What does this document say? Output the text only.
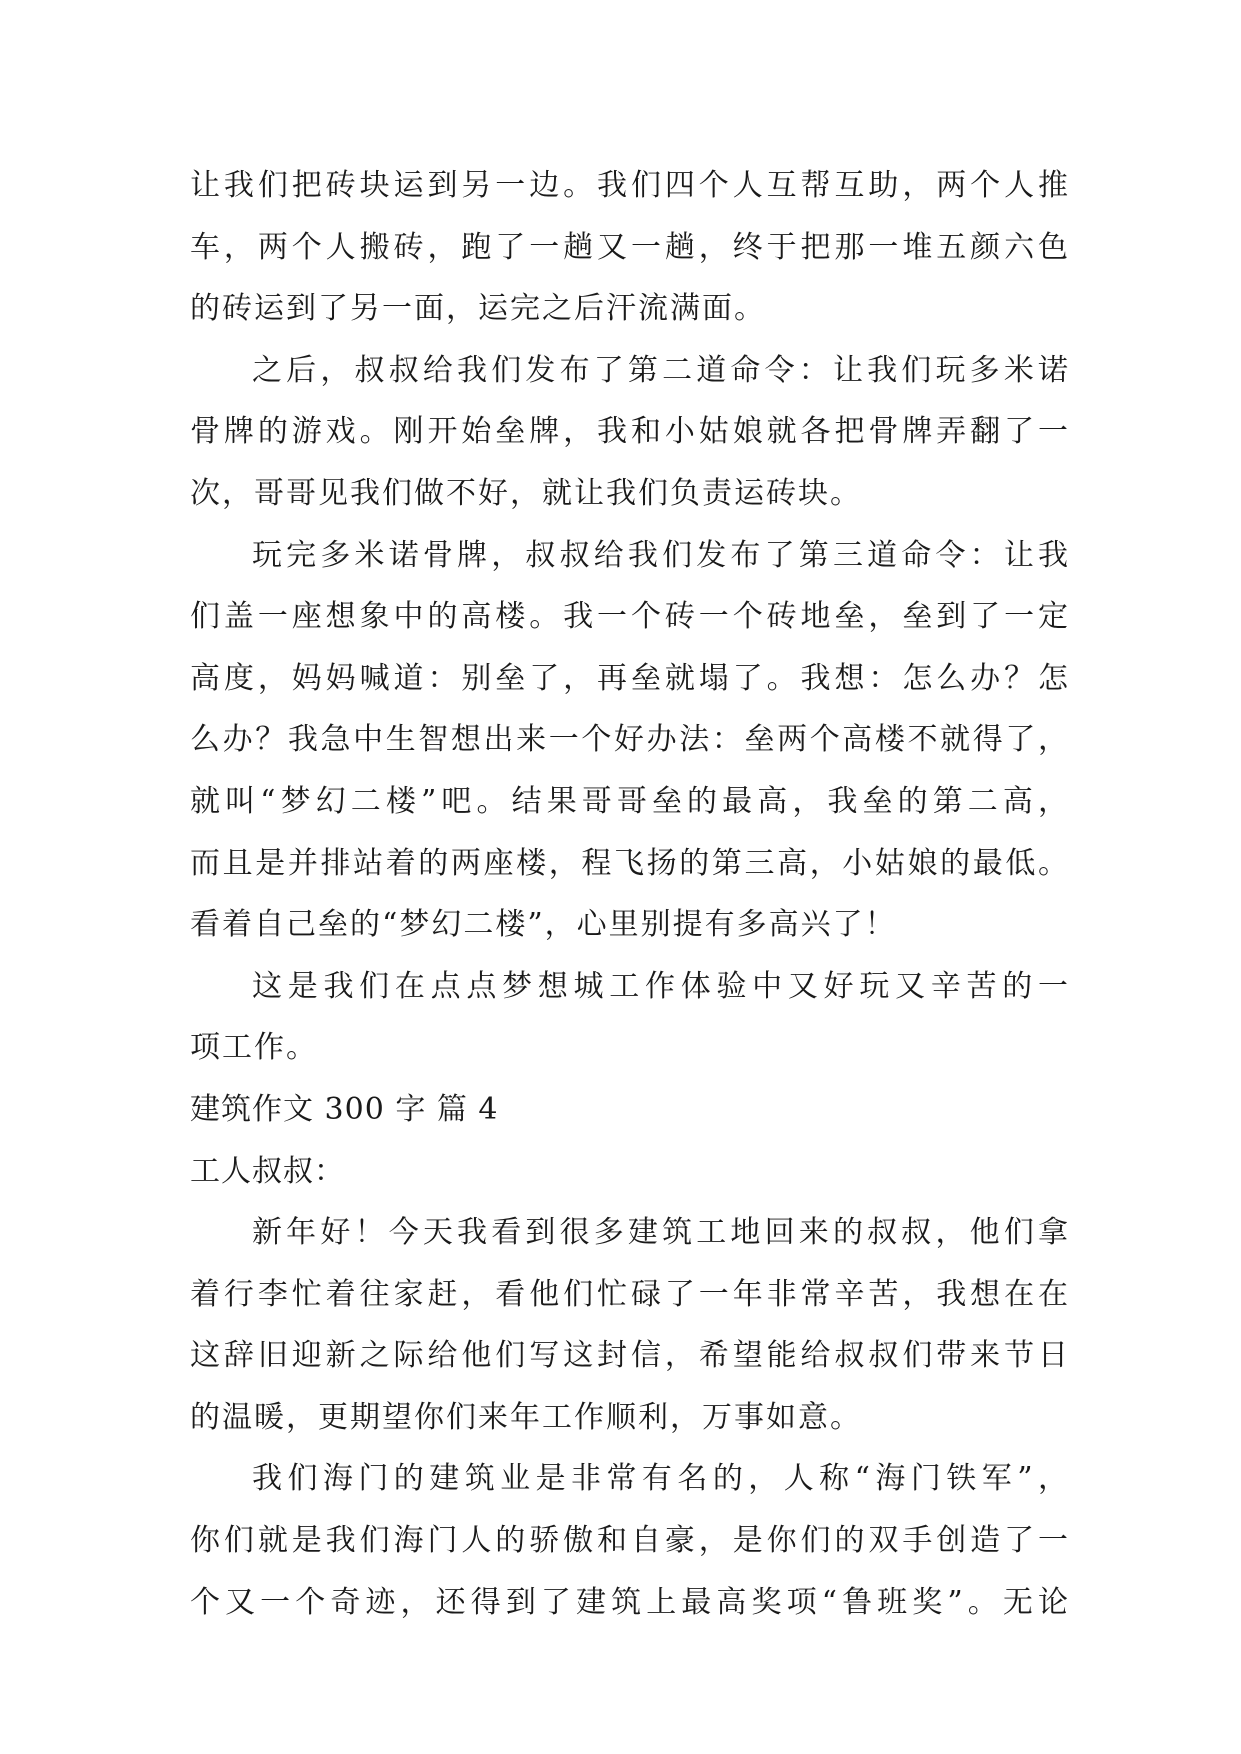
让我们把砖块运到另一边。我们四个人互帮互助，两个人推
车，两个人搬砖，跑了一趟又一趟，终于把那一堆五颜六色
的砖运到了另一面，运完之后汗流满面。

之后，叔叔给我们发布了第二道命令：让我们玩多米诺
骨牌的游戏。刚开始垒牌，我和小姑娘就各把骨牌弄翻了一
次，哥哥见我们做不好，就让我们负责运砖块。

玩完多米诺骨牌，叔叔给我们发布了第三道命令：让我
们盖一座想象中的高楼。我一个砖一个砖地垒，垒到了一定
高度，妈妈喊道：别垒了，再垒就塌了。我想：怎么办？怎
么办？我急中生智想出来一个好办法：垒两个高楼不就得了，
就叫“梦幻二楼”吧。结果哥哥垒的最高，我垒的第二高，
而且是并排站着的两座楼，程飞扬的第三高，小姑娘的最低。
看着自己垒的“梦幻二楼”，心里别提有多高兴了！

这是我们在点点梦想城工作体验中又好玩又辛苦的一
项工作。

建筑作文 300 字 篇 4

工人叔叔：

新年好！今天我看到很多建筑工地回来的叔叔，他们拿
着行李忙着往家赶，看他们忙碌了一年非常辛苦，我想在在
这辞旧迎新之际给他们写这封信，希望能给叔叔们带来节日
的温暖，更期望你们来年工作顺利，万事如意。

我们海门的建筑业是非常有名的，人称“海门铁军”，
你们就是我们海门人的骄傲和自豪，是你们的双手创造了一
个又一个奇迹，还得到了建筑上最高奖项“鲁班奖”。无论
